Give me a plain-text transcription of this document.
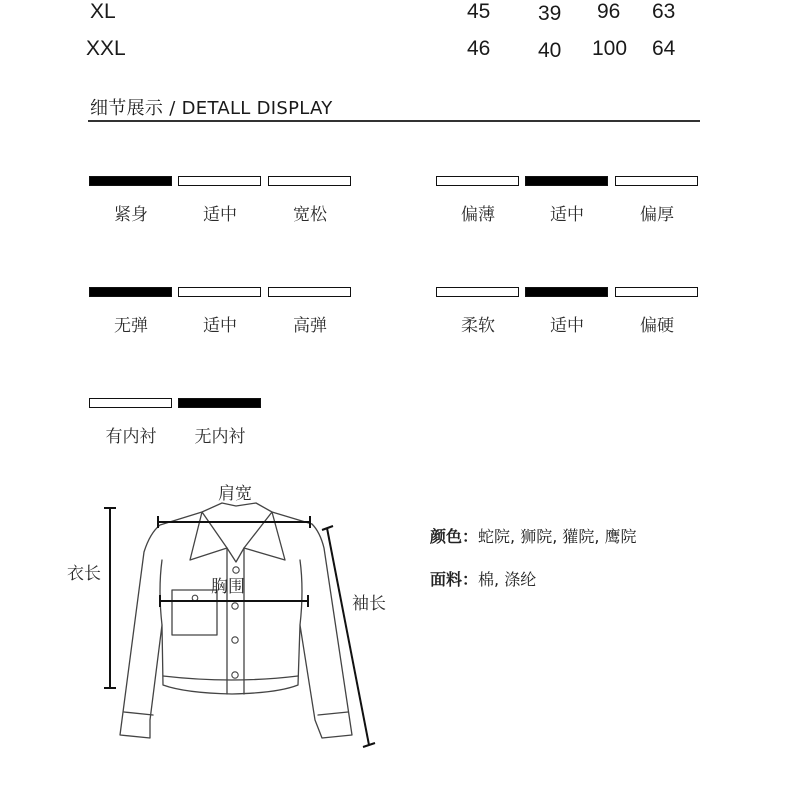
XL	45 39 96 63
XXL	46 40 100 64
细节展示 / DETALL DISPLAY
紧身	适中	宽松	偏薄	适中	偏厚
无弹	适中	高弹	柔软	适中	偏硬
有内衬	无内衬
肩宽
衣长
胸围
袖长
颜色：蛇院, 狮院, 獾院, 鹰院
面料：棉, 涤纶
